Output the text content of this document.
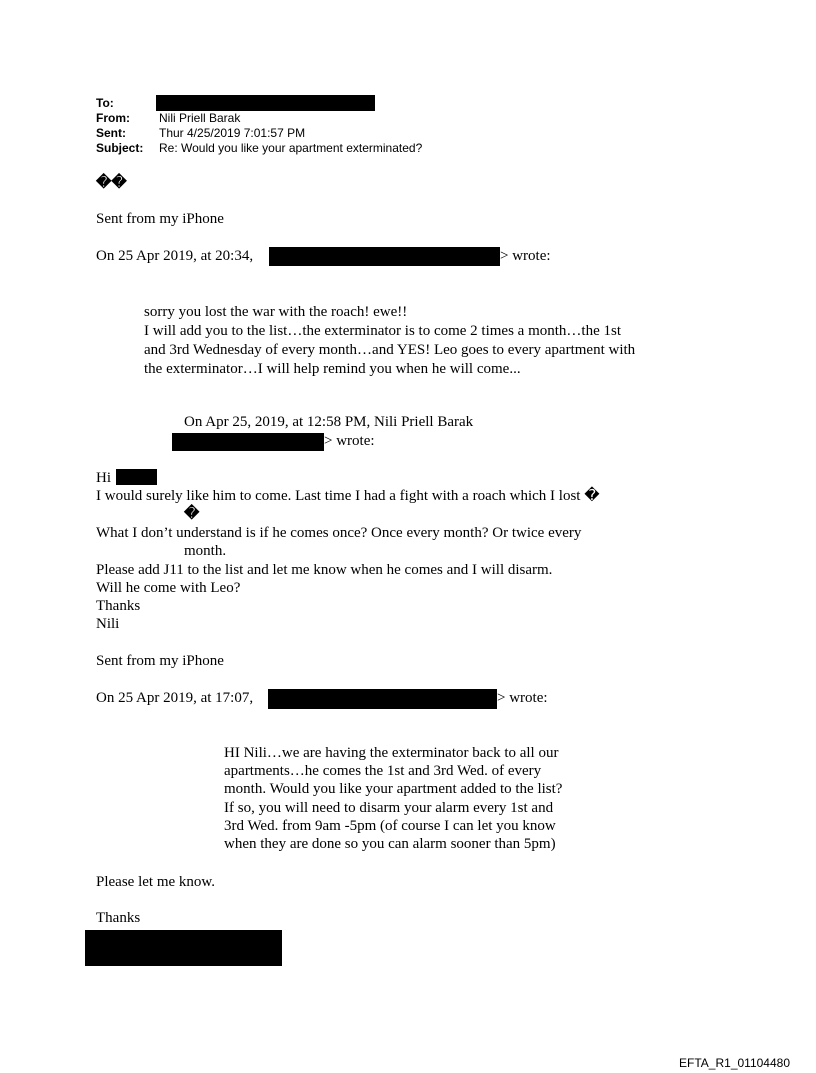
To:
From: Nili Priell Barak
Sent:	Thur 4/25/2019 7:01:57 PM
Subject: Re: Would you like your apartment exterminated?
��
Sent from my iPhone
On 25 Apr 2019, at 20:34,	> wrote:
sorry you lost the war with the roach! ewe!!
I will add you to the list…the exterminator is to come 2 times a month…the 1st
and 3rd Wednesday of every month…and YES! Leo goes to every apartment with
the exterminator…I will help remind you when he will come...
On Apr 25, 2019, at 12:58 PM, Nili Priell Barak
> wrote:
Hi
I would surely like him to come. Last time I had a fight with a roach which I lost �
�
What I don’t understand is if he comes once? Once every month? Or twice every
month.
Please add J11 to the list and let me know when he comes and I will disarm.
Will he come with Leo?
Thanks
Nili
Sent from my iPhone
On 25 Apr 2019, at 17:07,	> wrote:
HI Nili…we are having the exterminator back to all our
apartments…he comes the 1st and 3rd Wed. of every
month. Would you like your apartment added to the list?
If so, you will need to disarm your alarm every 1st and
3rd Wed. from 9am -5pm (of course I can let you know
when they are done so you can alarm sooner than 5pm)
Please let me know.
Thanks
EFTA_R1_01104480
